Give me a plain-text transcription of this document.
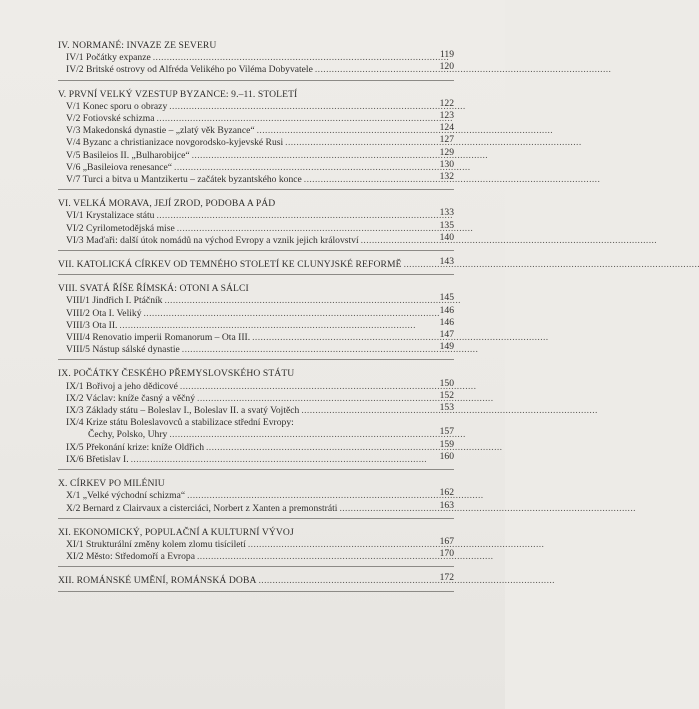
IV. NORMANÉ: INVAZE ZE SEVERU
IV/1 Počátky expanze . . .	119
IV/2 Britské ostrovy od Alfréda Velikého po Viléma Dobyvatele . . .	120
V. PRVNÍ VELKÝ VZESTUP BYZANCE: 9.–11. STOLETÍ
V/1 Konec sporu o obrazy . . .	122
V/2 Fotiovské schizma . . .	123
V/3 Makedonská dynastie – „zlatý věk Byzance“ . . .	124
V/4 Byzanc a christianizace novgorodsko-kyjevské Rusi . . .	127
V/5 Basileios II. „Bulharobijce“ . . .	129
V/6 „Basileiova renesance“ . . .	130
V/7 Turci a bitva u Mantzikertu – začátek byzantského konce . . .	132
VI. VELKÁ MORAVA, JEJÍ ZROD, PODOBA A PÁD
VI/1 Krystalizace státu . . .	133
VI/2 Cyrilometodějská mise . . .	135
VI/3 Maďaři: další útok nomádů na východ Evropy a vznik jejich království . . .	140
VII. KATOLICKÁ CÍRKEV OD TEMNÉHO STOLETÍ KE CLUNYJSKÉ REFORMĚ . . .	143
VIII. SVATÁ ŘÍŠE ŘÍMSKÁ: OTONI A SÁLCI
VIII/1 Jindřich I. Ptáčník . . .	145
VIII/2 Ota I. Veliký . . .	146
VIII/3 Ota II. . . .	146
VIII/4 Renovatio imperii Romanorum – Ota III. . . .	147
VIII/5 Nástup sálské dynastie . . .	149
IX. POČÁTKY ČESKÉHO PŘEMYSLOVSKÉHO STÁTU
IX/1 Bořivoj a jeho dědicové . . .	150
IX/2 Václav: kníže časný a věčný . . .	152
IX/3 Základy státu – Boleslav I., Boleslav II. a svatý Vojtěch . . .	153
IX/4 Krize státu Boleslavovců a stabilizace střední Evropy:
Čechy, Polsko, Uhry . . .	157
IX/5 Překonání krize: kníže Oldřich . . .	159
IX/6 Břetislav I. . . .	160
X. CÍRKEV PO MILÉNIU
X/1 „Velké východní schizma“ . . .	162
X/2 Bernard z Clairvaux a cisterciáci, Norbert z Xanten a premonstráti . . .	163
XI. EKONOMICKÝ, POPULAČNÍ A KULTURNÍ VÝVOJ
XI/1 Strukturální změny kolem zlomu tisíciletí . . .	167
XI/2 Město: Středomoří a Evropa . . .	170
XII. ROMÁNSKÉ UMĚNÍ, ROMÁNSKÁ DOBA . . .	172
